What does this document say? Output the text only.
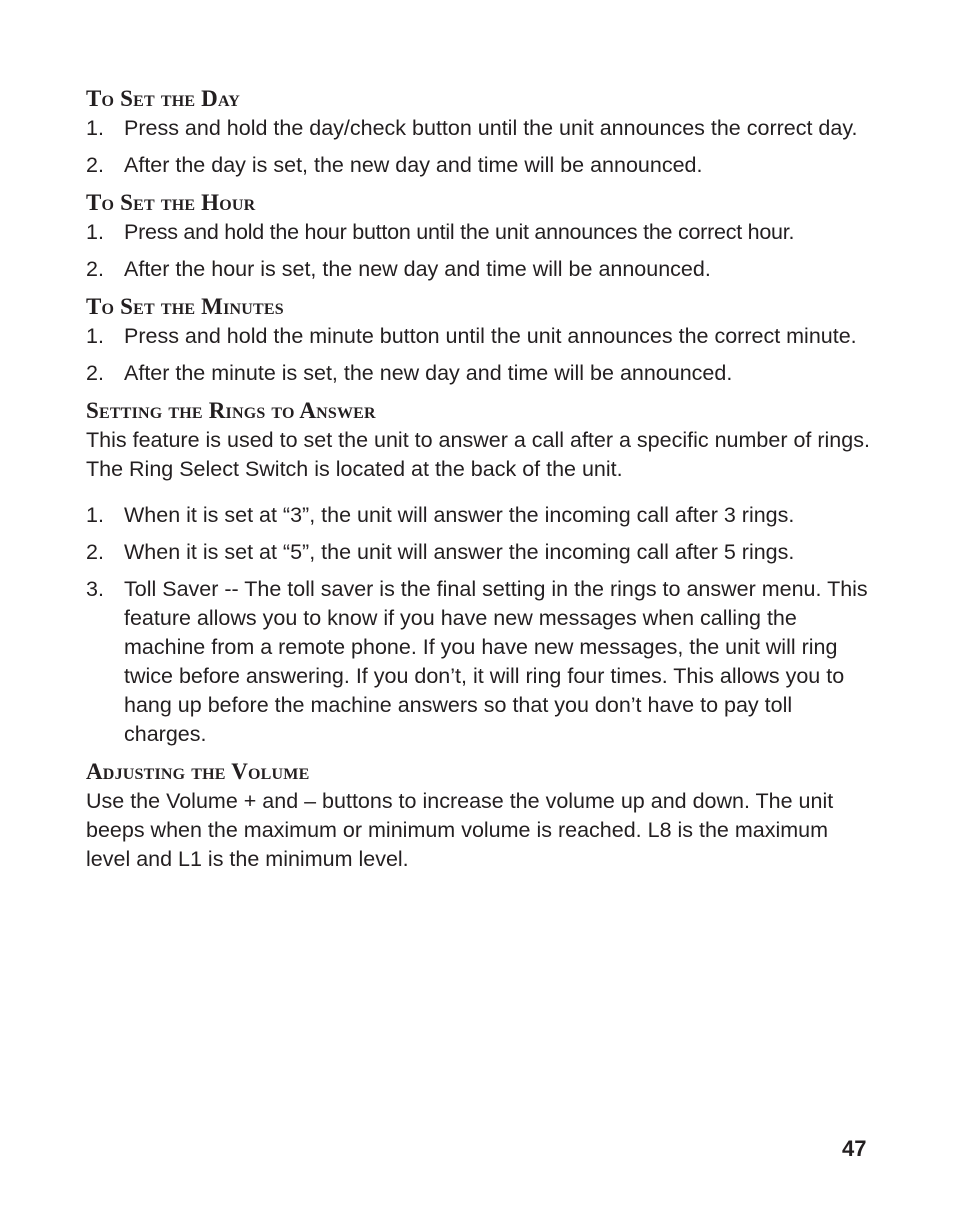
To Set the Day
1. Press and hold the day/check button until the unit announces the correct day.
2. After the day is set, the new day and time will be announced.
To Set the Hour
1. Press and hold the hour button until the unit announces the correct hour.
2. After the hour is set, the new day and time will be announced.
To Set the Minutes
1. Press and hold the minute button until the unit announces the correct minute.
2. After the minute is set, the new day and time will be announced.
Setting the Rings to Answer

This feature is used to set the unit to answer a call after a specific number of rings. The Ring Select Switch is located at the back of the unit.

1. When it is set at “3”, the unit will answer the incoming call after 3 rings.
2. When it is set at “5”, the unit will answer the incoming call after 5 rings.
3. Toll Saver -- The toll saver is the final setting in the rings to answer menu. This feature allows you to know if you have new messages when calling the machine from a remote phone. If you have new messages, the unit will ring twice before answering. If you don’t, it will ring four times. This allows you to hang up before the machine answers so that you don’t have to pay toll charges.
Adjusting the Volume

Use the Volume + and – buttons to increase the volume up and down. The unit beeps when the maximum or minimum volume is reached. L8 is the maximum level and L1 is the minimum level.

47
